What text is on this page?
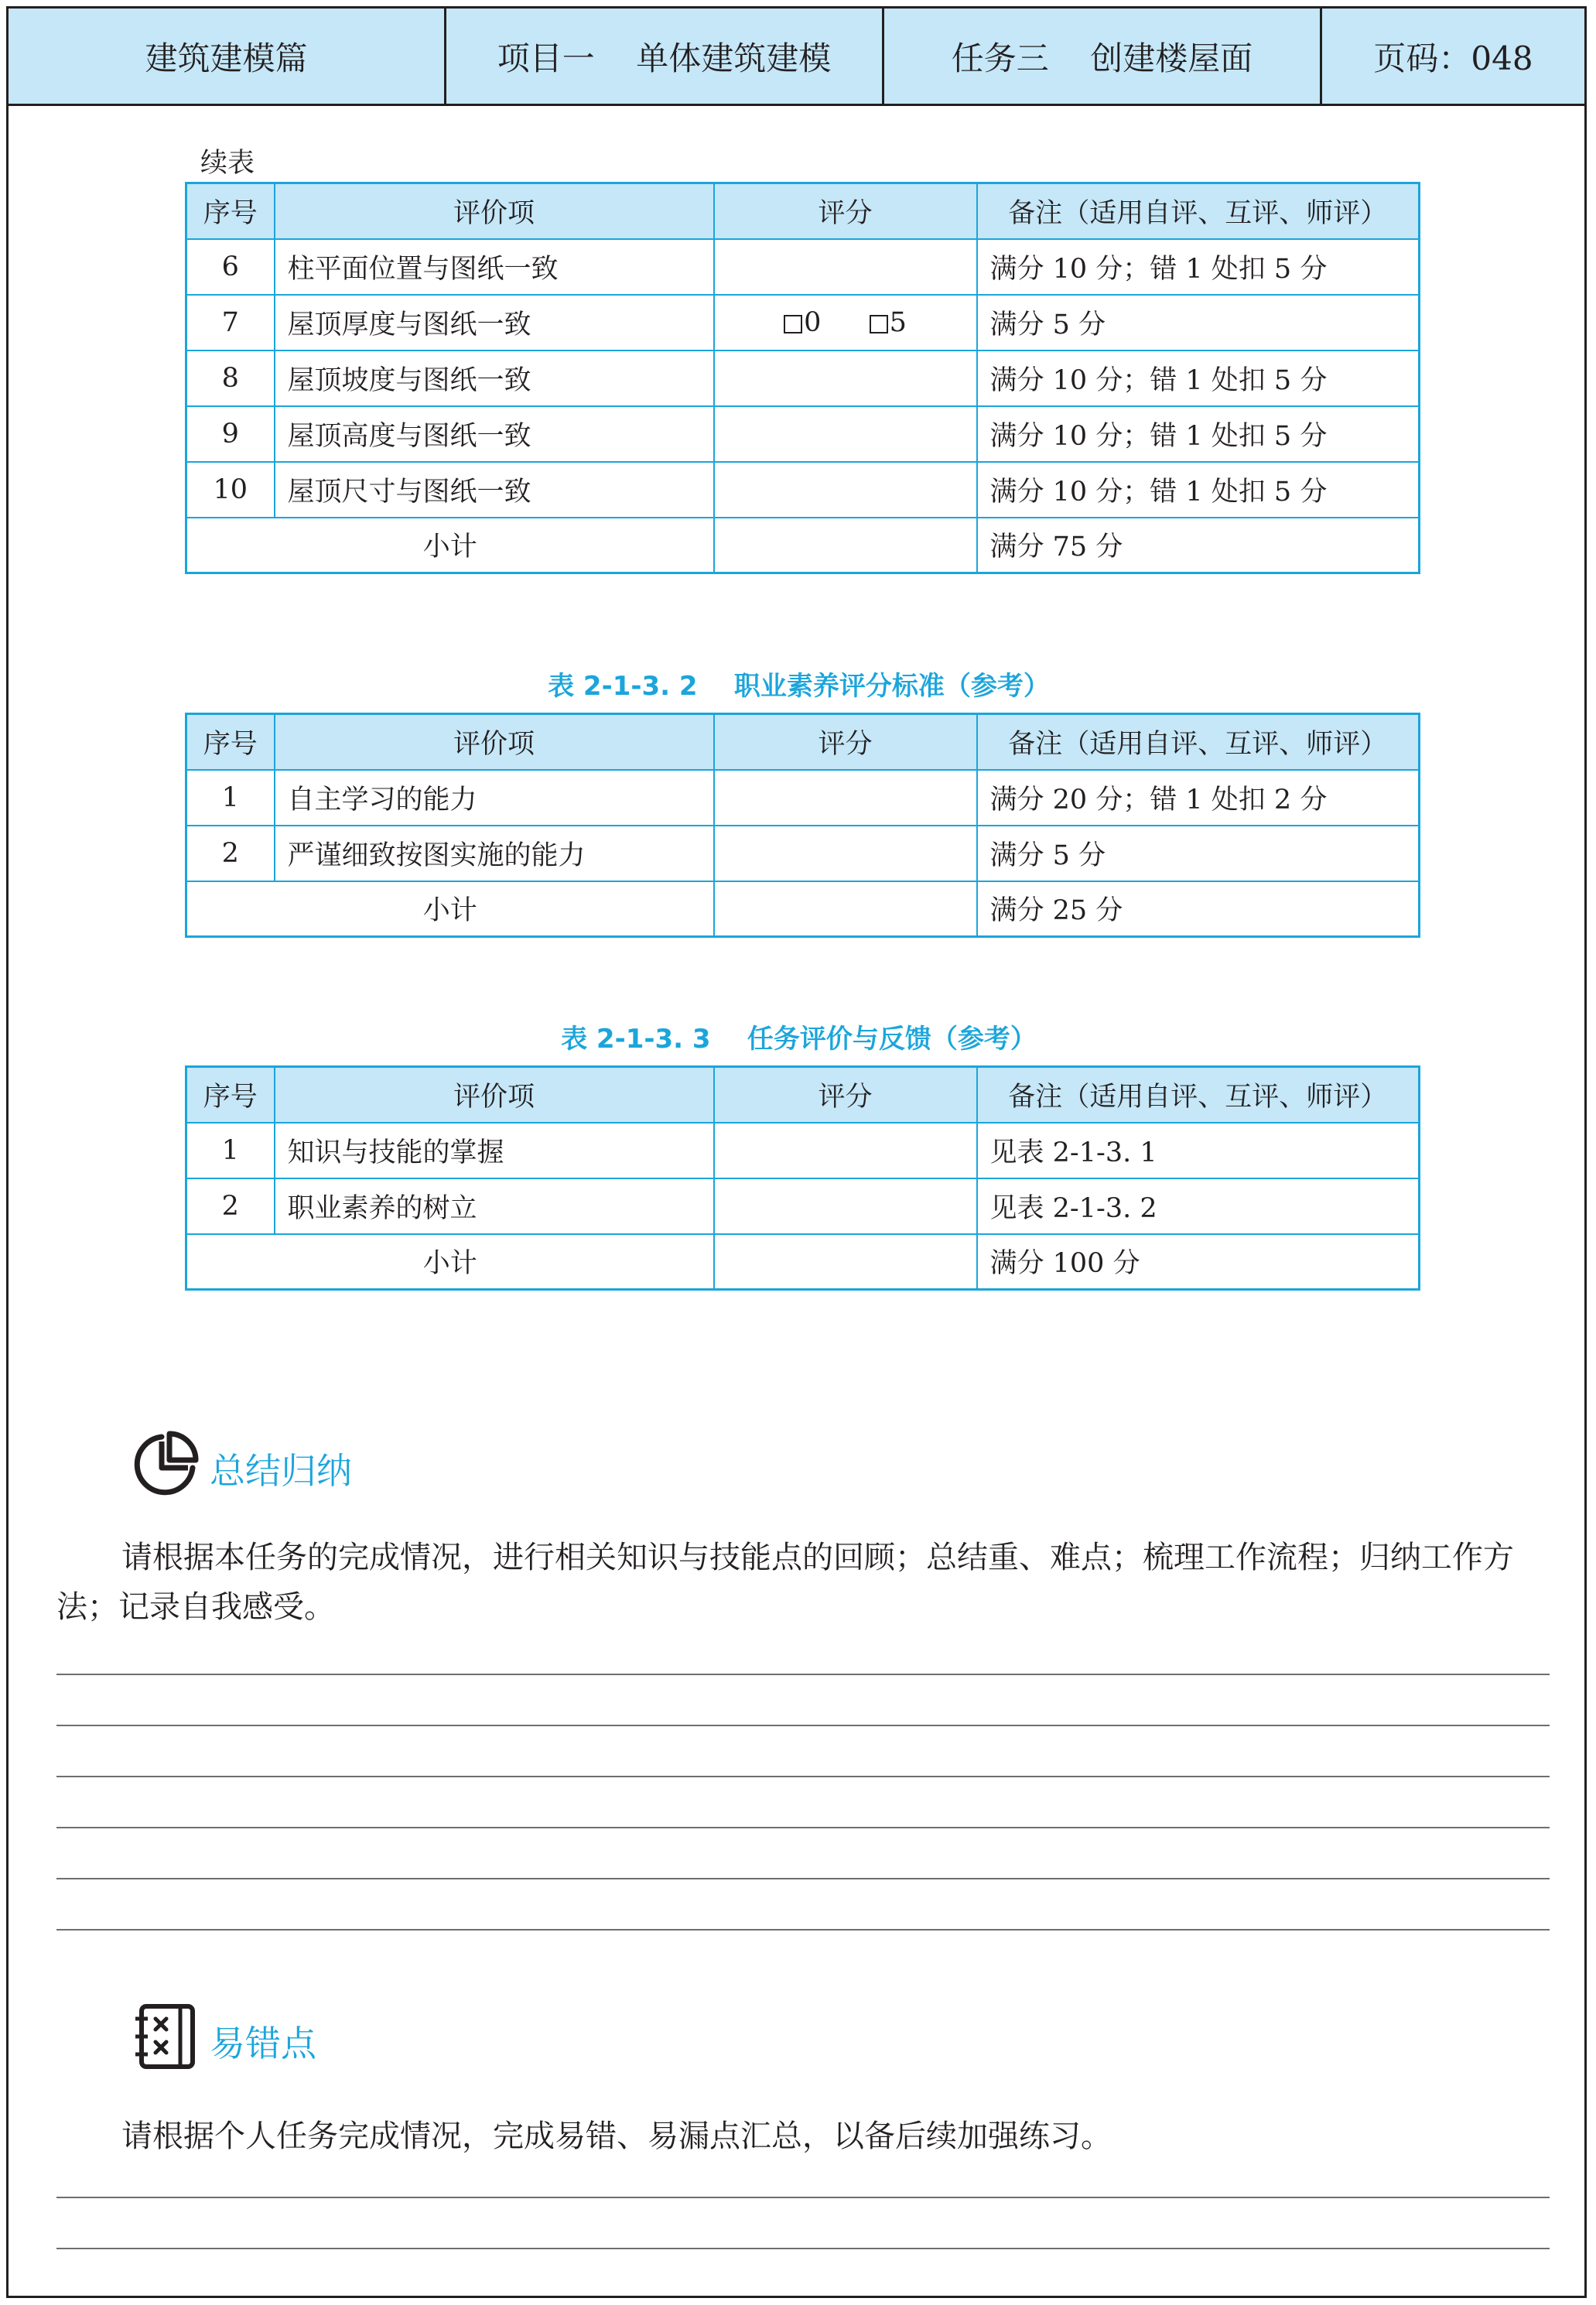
建筑建模篇	项目一    单体建筑建模	任务三    创建楼屋面	页码：048
续表
序号	评价项	评分	备注（适用自评、互评、师评）
6	柱平面位置与图纸一致		满分 10 分；错 1 处扣 5 分
7	屋顶厚度与图纸一致	0 5	满分 5 分
8	屋顶坡度与图纸一致		满分 10 分；错 1 处扣 5 分
9	屋顶高度与图纸一致		满分 10 分；错 1 处扣 5 分
10	屋顶尺寸与图纸一致		满分 10 分；错 1 处扣 5 分
小计			满分 75 分
表 2-1-3. 2    职业素养评分标准（参考）
序号	评价项	评分	备注（适用自评、互评、师评）
1	自主学习的能力		满分 20 分；错 1 处扣 2 分
2	严谨细致按图实施的能力		满分 5 分
小计			满分 25 分
表 2-1-3. 3    任务评价与反馈（参考）
序号	评价项	评分	备注（适用自评、互评、师评）
1	知识与技能的掌握		见表 2-1-3. 1
2	职业素养的树立		见表 2-1-3. 2
小计			满分 100 分
总结归纳

请根据本任务的完成情况，进行相关知识与技能点的回顾；总结重、难点；梳理工作流程；归纳工作方法；记录自我感受。

易错点

请根据个人任务完成情况，完成易错、易漏点汇总，以备后续加强练习。
